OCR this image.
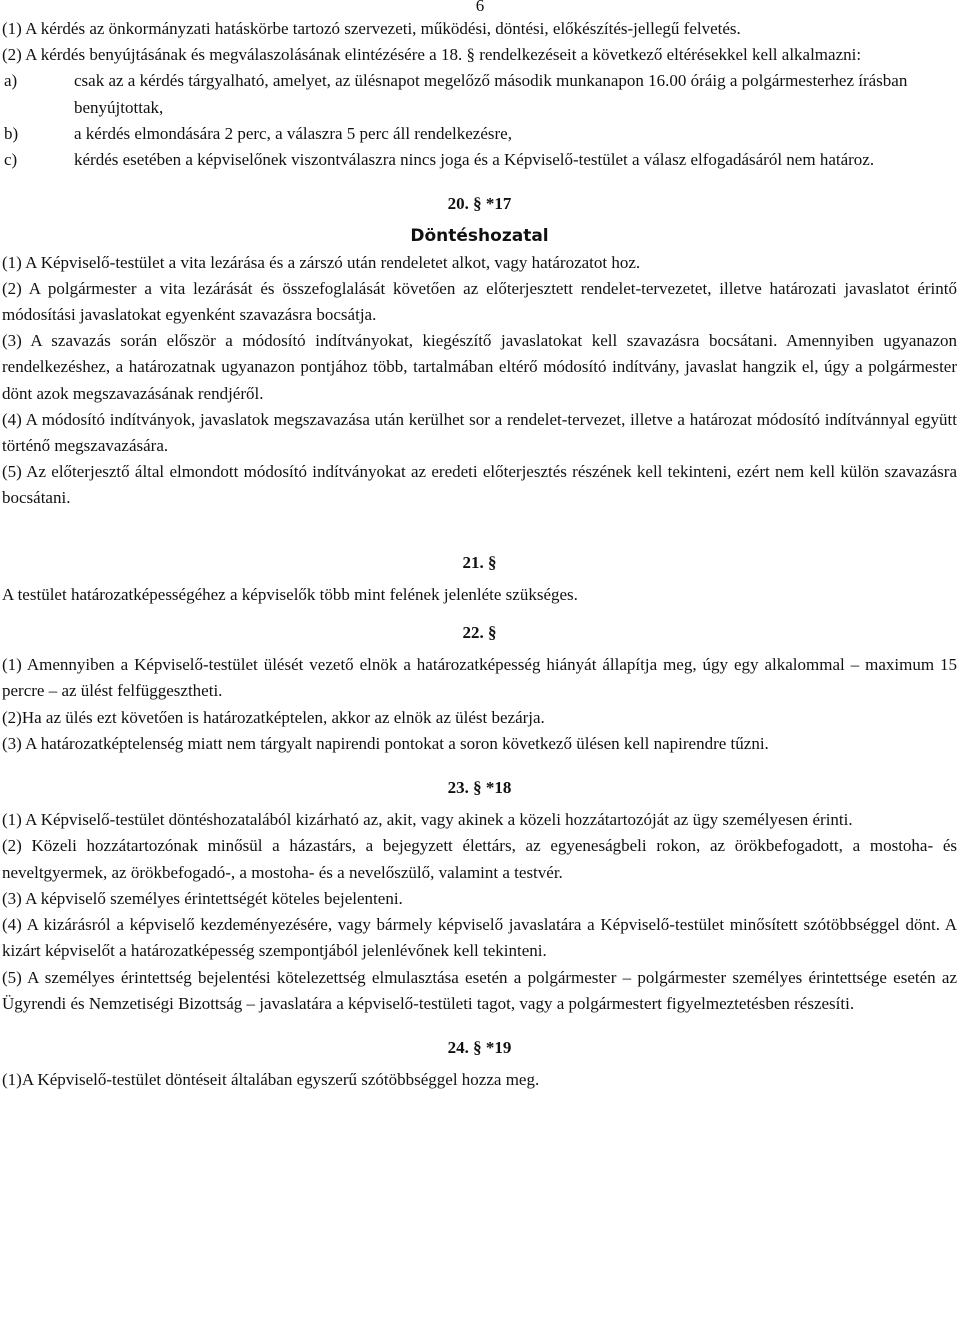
6

(1) A kérdés az önkormányzati hatáskörbe tartozó szervezeti, működési, döntési, előkészítés-jellegű felvetés.

(2) A kérdés benyújtásának és megválaszolásának elintézésére a 18. § rendelkezéseit a következő eltérésekkel kell alkalmazni:

a)	csak az a kérdés tárgyalható, amelyet, az ülésnapot megelőző második munkanapon 16.00 óráig a polgármesterhez írásban benyújtottak,
b)	a kérdés elmondására 2 perc, a válaszra 5 perc áll rendelkezésre,
c)	kérdés esetében a képviselőnek viszontválaszra nincs joga és a Képviselő-testület a válasz elfogadásáról nem határoz.
20. § *17
Döntéshozatal

(1) A Képviselő-testület a vita lezárása és a zárszó után rendeletet alkot, vagy határozatot hoz.

(2) A polgármester a vita lezárását és összefoglalását követően az előterjesztett rendelet-tervezetet, illetve határozati javaslatot érintő módosítási javaslatokat egyenként szavazásra bocsátja.

(3) A szavazás során először a módosító indítványokat, kiegészítő javaslatokat kell szavazásra bocsátani. Amennyiben ugyanazon rendelkezéshez, a határozatnak ugyanazon pontjához több, tartalmában eltérő módosító indítvány, javaslat hangzik el, úgy a polgármester dönt azok megszavazásának rendjéről.

(4) A módosító indítványok, javaslatok megszavazása után kerülhet sor a rendelet-tervezet, illetve a határozat módosító indítvánnyal együtt történő megszavazására.

(5) Az előterjesztő által elmondott módosító indítványokat az eredeti előterjesztés részének kell tekinteni, ezért nem kell külön szavazásra bocsátani.

21. §

A testület határozatképességéhez a képviselők több mint felének jelenléte szükséges.

22. §

(1) Amennyiben a Képviselő-testület ülését vezető elnök a határozatképesség hiányát állapítja meg, úgy egy alkalommal – maximum 15 percre – az ülést felfüggesztheti.

(2)Ha az ülés ezt követően is határozatképtelen, akkor az elnök az ülést bezárja.

(3) A határozatképtelenség miatt nem tárgyalt napirendi pontokat a soron következő ülésen kell napirendre tűzni.

23. § *18

(1) A Képviselő-testület döntéshozatalából kizárható az, akit, vagy akinek a közeli hozzátartozóját az ügy személyesen érinti.

(2) Közeli hozzátartozónak minősül a házastárs, a bejegyzett élettárs, az egyeneságbeli rokon, az örökbefogadott, a mostoha- és neveltgyermek, az örökbefogadó-, a mostoha- és a nevelőszülő, valamint a testvér.

(3) A képviselő személyes érintettségét köteles bejelenteni.

(4) A kizárásról a képviselő kezdeményezésére, vagy bármely képviselő javaslatára a Képviselő-testület minősített szótöbbséggel dönt. A kizárt képviselőt a határozatképesség szempontjából jelenlévőnek kell tekinteni.

(5) A személyes érintettség bejelentési kötelezettség elmulasztása esetén a polgármester – polgármester személyes érintettsége esetén az Ügyrendi és Nemzetiségi Bizottság – javaslatára a képviselő-testületi tagot, vagy a polgármestert figyelmeztetésben részesíti.

24. § *19

(1)A Képviselő-testület döntéseit általában egyszerű szótöbbséggel hozza meg.
